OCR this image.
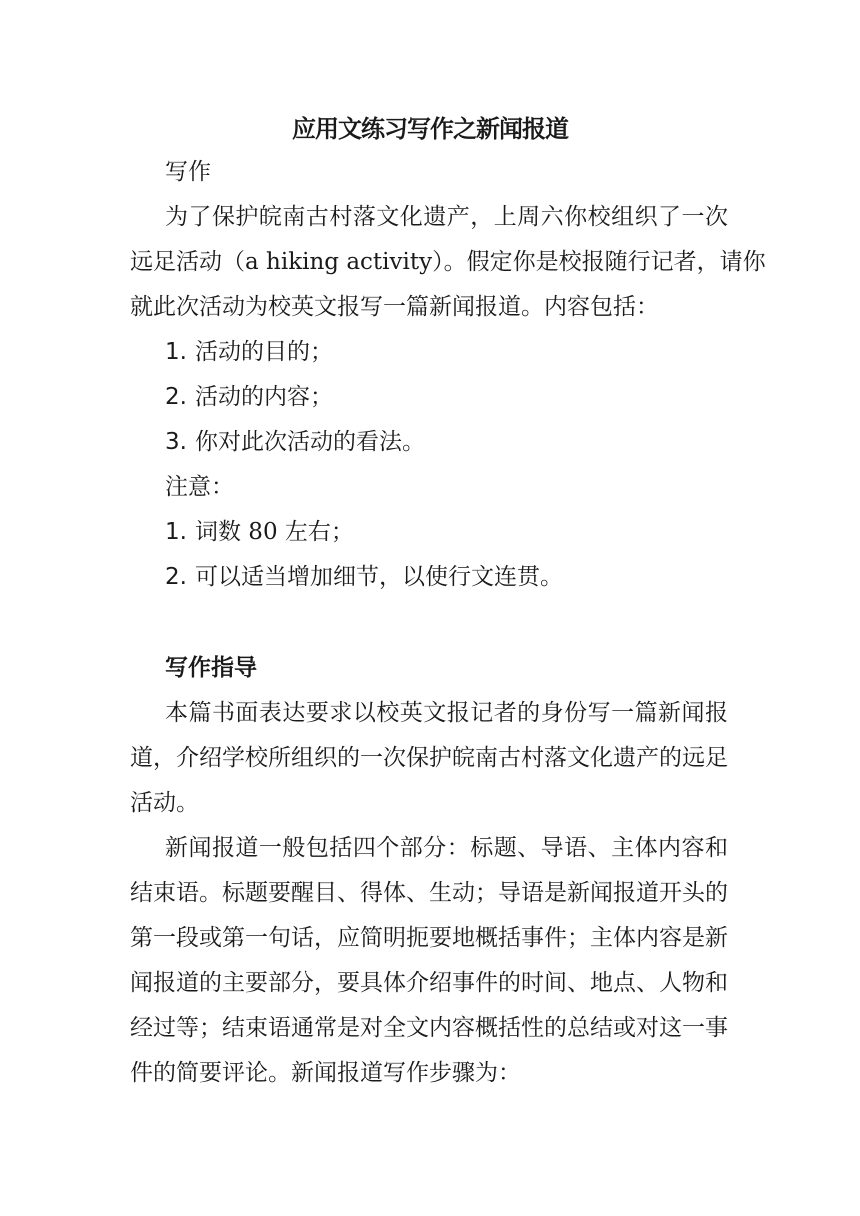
应用文练习写作之新闻报道
写作
为了保护皖南古村落文化遗产，上周六你校组织了一次
远足活动（a hiking activity）。假定你是校报随行记者，请你
就此次活动为校英文报写一篇新闻报道。内容包括：
1. 活动的目的；
2. 活动的内容；
3. 你对此次活动的看法。
注意：
1. 词数 80 左右；
2. 可以适当增加细节，以使行文连贯。
写作指导
本篇书面表达要求以校英文报记者的身份写一篇新闻报
道，介绍学校所组织的一次保护皖南古村落文化遗产的远足
活动。
新闻报道一般包括四个部分：标题、导语、主体内容和
结束语。标题要醒目、得体、生动；导语是新闻报道开头的
第一段或第一句话，应简明扼要地概括事件；主体内容是新
闻报道的主要部分，要具体介绍事件的时间、地点、人物和
经过等；结束语通常是对全文内容概括性的总结或对这一事
件的简要评论。新闻报道写作步骤为：
